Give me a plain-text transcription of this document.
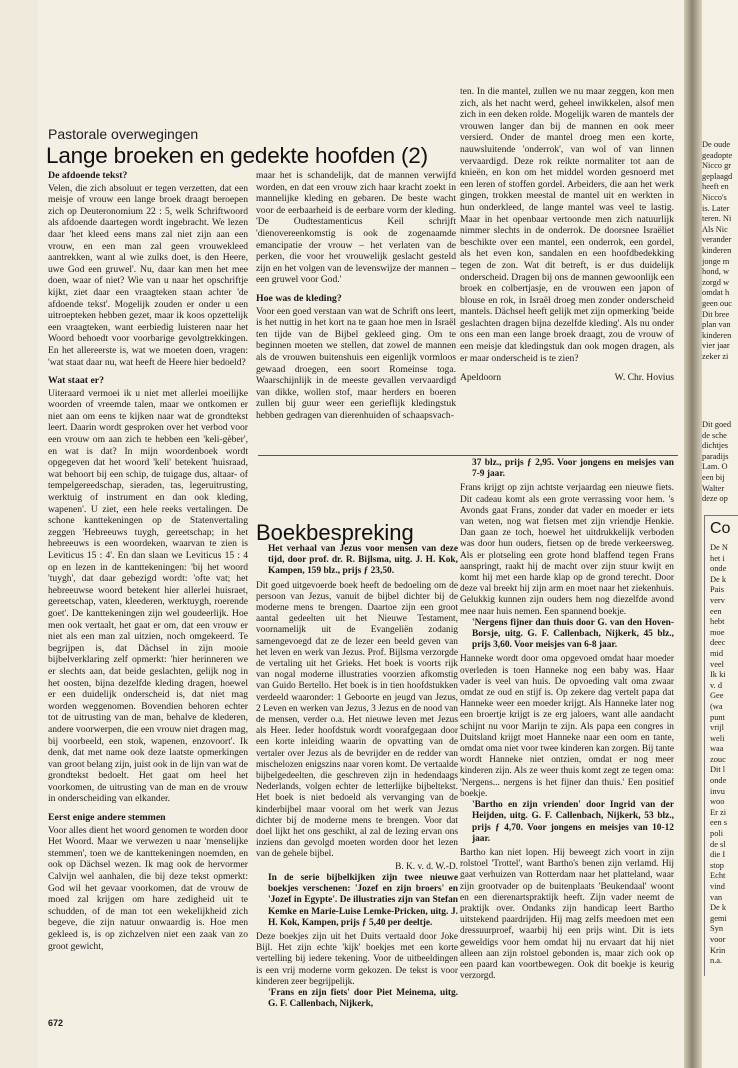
Pastorale overwegingen
Lange broeken en gedekte hoofden (2)
De afdoende tekst?

Velen, die zich absoluut er tegen verzetten, dat een meisje of vrouw een lange broek draagt beroepen zich op Deuteronomium 22 : 5, welk Schriftwoord als afdoende daartegen wordt ingebracht. We lezen daar 'het kleed eens mans zal niet zijn aan een vrouw, en een man zal geen vrouwekleed aantrekken, want al wie zulks doet, is den Heere, uwe God een gruwel'. Nu, daar kan men het mee doen, waar of niet? Wie van u naar het opschriftje kijkt, ziet daar een vraagteken staan achter 'de afdoende tekst'. Mogelijk zouden er onder u een uitroepteken hebben gezet, maar ik koos opzettelijk een vraagteken, want eerbiedig luisteren naar het Woord behoedt voor voorbarige gevolgtrekkingen. En het allereerste is, wat we moeten doen, vragen: 'wat staat daar nu, wat heeft de Heere hier bedoeld?

Wat staat er?

Uiteraard vermoei ik u niet met allerlei moeilijke woorden of vreemde talen, maar we ontkomen er niet aan om eens te kijken naar wat de grondtekst leert. Daarin wordt gesproken over het verbod voor een vrouw om aan zich te hebben een 'keli-gèber', en wat is dat? In mijn woordenboek wordt opgegeven dat het woord 'keli' betekent 'huisraad, wat behoort bij een schip, de tuigage dus, altaar- of tempelgereedschap, sieraden, tas, legeruitrusting, werktuig of instrument en dan ook kleding, wapenen'. U ziet, een hele reeks vertalingen. De schone kanttekeningen op de Statenvertaling zeggen 'Hebreeuws tuygh, gereetschap; in het hebreeuws is een woordeken, waarvan te zien is Leviticus 15 : 4'. En dan slaan we Leviticus 15 : 4 op en lezen in de kanttekeningen: 'bij het woord 'tuygh', dat daar gebezigd wordt: 'ofte vat; het hebreeuwse woord betekent hier allerlei huisraet, gereetschap, vaten, kleederen, werktuygh, roerende goet'. De kanttekeningen zijn wel goudeerlijk. Hoe men ook vertaalt, het gaat er om, dat een vrouw er niet als een man zal uitzien, noch omgekeerd. Te begrijpen is, dat Dächsel in zijn mooie bijbelverklaring zelf opmerkt: 'hier herinneren we er slechts aan, dat beide geslachten, gelijk nog in het oosten, bijna dezelfde kleding dragen, hoewel er een duidelijk onderscheid is, dat niet mag worden weggenomen. Bovendien behoren echter tot de uitrusting van de man, behalve de klederen, andere voorwerpen, die een vrouw niet dragen mag, bij voorbeeld, een stok, wapenen, enzovoort'. Ik denk, dat met name ook deze laatste opmerkingen van groot belang zijn, juist ook in de lijn van wat de grondtekst bedoelt. Het gaat om heel het voorkomen, de uitrusting van de man en de vrouw in onderscheiding van elkander.

Eerst enige andere stemmen

Voor alles dient het woord genomen te worden door Het Woord. Maar we verwezen u naar 'menselijke stemmen', toen we de kanttekeningen noemden, en ook op Dächsel wezen. Ik mag ook de hervormer Calvijn wel aanhalen, die bij deze tekst opmerkt: God wil het gevaar voorkomen, dat de vrouw de moed zal krijgen om hare zedigheid uit te schudden, of de man tot een wekelijkheid zich begeve, die zijn natuur onwaardig is. Hoe men gekleed is, is op zichzelven niet een zaak van zo groot gewicht,

maar het is schandelijk, dat de mannen verwijfd worden, en dat een vrouw zich haar kracht zoekt in mannelijke kleding en gebaren. De beste wacht voor de eerbaarheid is de eerbare vorm der kleding. 'De Oudtestamenticus Keil schrijft 'dienovereenkomstig is ook de zogenaamde emancipatie der vrouw – het verlaten van de perken, die voor het vrouwelijk geslacht gesteld zijn en het volgen van de levenswijze der mannen – een gruwel voor God.'

Hoe was de kleding?

Voor een goed verstaan van wat de Schrift ons leert, is het nuttig in het kort na te gaan hoe men in Israël ten tijde van de Bijbel gekleed ging. Om te beginnen moeten we stellen, dat zowel de mannen als de vrouwen buitenshuis een eigenlijk vormloos gewaad droegen, een soort Romeinse toga. Waarschijnlijk in de meeste gevallen vervaardigd van dikke, wollen stof, maar herders en boeren zullen bij guur weer een gerieflijk kledingstuk hebben gedragen van dierenhuiden of schaapsvach-

ten. In die mantel, zullen we nu maar zeggen, kon men zich, als het nacht werd, geheel inwikkelen, alsof men zich in een deken rolde. Mogelijk waren de mantels der vrouwen langer dan bij de mannen en ook meer versierd. Onder de mantel droeg men een korte, nauwsluitende 'onderrok', van wol of van linnen vervaardigd. Deze rok reikte normaliter tot aan de knieën, en kon om het middel worden gesnoerd met een leren of stoffen gordel. Arbeiders, die aan het werk gingen, trokken meestal de mantel uit en werkten in hun onderkleed, de lange mantel was veel te lastig. Maar in het openbaar vertoonde men zich natuurlijk nimmer slechts in de onderrok. De doorsnee Israëliet beschikte over een mantel, een onderrok, een gordel, als het even kon, sandalen en een hoofdbedekking tegen de zon. Wat dit betreft, is er dus duidelijk onderscheid. Dragen bij ons de mannen gewoonlijk een broek en colbertjasje, en de vrouwen een japon of blouse en rok, in Israël droeg men zonder onderscheid mantels. Dächsel heeft gelijk met zijn opmerking 'beide geslachten dragen bijna dezelfde kleding'. Als nu onder ons een man een lange broek draagt, zou de vrouw of een meisje dat kledingstuk dan ook mogen dragen, als er maar onderscheid is te zien?

Apeldoorn	W. Chr. Hovius
Boekbespreking

Het verhaal van Jezus voor mensen van deze tijd, door prof. dr. R. Bijlsma, uitg. J. H. Kok, Kampen, 159 blz., prijs ƒ 23,50.

Dit goed uitgevoerde boek heeft de bedoeling om de persoon van Jezus, vanuit de bijbel dichter bij de moderne mens te brengen. Daartoe zijn een groot aantal gedeelten uit het Nieuwe Testament, voornamelijk uit de Evangeliën zodanig samengevoegd dat ze de lezer een beeld geven van het leven en werk van Jezus. Prof. Bijlsma verzorgde de vertaling uit het Grieks. Het boek is voorts rijk van nogal moderne illustraties voorzien afkomstig van Guido Bertello. Het boek is in tien hoofdstukken verdeeld waaronder: 1 Geboorte en jeugd van Jezus, 2 Leven en werken van Jezus, 3 Jezus en de nood van de mensen, verder o.a. Het nieuwe leven met Jezus als Heer. Ieder hoofdstuk wordt voorafgegaan door een korte inleiding waarin de opvatting van de vertaler over Jezus als de bevrijder en de redder van mischelozen enigszins naar voren komt. De vertaalde bijbelgedeelten, die geschreven zijn in hedendaags Nederlands, volgen echter de letterlijke bijbeltekst. Het boek is niet bedoeld als vervanging van de kinderbijbel maar vooral om het werk van Jezus dichter bij de moderne mens te brengen. Voor dat doel lijkt het ons geschikt, al zal de lezing ervan ons inziens dan gevolgd moeten worden door het lezen van de gehele bijbel.

B. K. v. d. W.-D.

In de serie bijbelkijken zijn twee nieuwe boekjes verschenen: 'Jozef en zijn broers' en 'Jozef in Egypte'. De illustraties zijn van Stefan Kemke en Marie-Luise Lemke-Pricken, uitg. J. H. Kok, Kampen, prijs ƒ 5,40 per deeltje.

Deze boekjes zijn uit het Duits vertaald door Joke Bijl. Het zijn echte 'kijk' boekjes met een korte vertelling bij iedere tekening. Voor de uitbeeldingen is een vrij moderne vorm gekozen. De tekst is voor kinderen zeer begrijpelijk.

'Frans en zijn fiets' door Piet Meinema, uitg. G. F. Callenbach, Nijkerk,

37 blz., prijs ƒ 2,95. Voor jongens en meisjes van 7-9 jaar.

Frans krijgt op zijn achtste verjaardag een nieuwe fiets. Dit cadeau komt als een grote verrassing voor hem. 's Avonds gaat Frans, zonder dat vader en moeder er iets van weten, nog wat fietsen met zijn vriendje Henkie. Dan gaan ze toch, hoewel het uitdrukkelijk verboden was door hun ouders, fietsen op de brede verkeersweg. Als er plotseling een grote hond blaffend tegen Frans aanspringt, raakt hij de macht over zijn stuur kwijt en komt hij met een harde klap op de grond terecht. Door deze val breekt hij zijn arm en moet naar het ziekenhuis. Gelukkig kunnen zijn ouders hem nog diezelfde avond mee naar huis nemen. Een spannend boekje.

'Nergens fijner dan thuis door G. van den Hoven-Borsje, uitg. G. F. Callenbach, Nijkerk, 45 blz., prijs 3,60. Voor meisjes van 6-8 jaar.

Hanneke wordt door oma opgevoed omdat haar moeder overleden is toen Hanneke nog een baby was. Haar vader is veel van huis. De opvoeding valt oma zwaar omdat ze oud en stijf is. Op zekere dag vertelt papa dat Hanneke weer een moeder krijgt. Als Hanneke later nog een broertje krijgt is ze erg jaloers, want alle aandacht schijnt nu voor Marijn te zijn. Als papa een congres in Duitsland krijgt moet Hanneke naar een oom en tante, omdat oma niet voor twee kinderen kan zorgen. Bij tante wordt Hanneke niet ontzien, omdat er nog meer kinderen zijn. Als ze weer thuis komt zegt ze tegen oma: 'Nergens... nergens is het fijner dan thuis.' Een positief boekje.

'Bartho en zijn vrienden' door Ingrid van der Heijden, uitg. G. F. Callenbach, Nijkerk, 53 blz., prijs ƒ 4,70. Voor jongens en meisjes van 10-12 jaar.

Bartho kan niet lopen. Hij beweegt zich voort in zijn rolstoel 'Trottel', want Bartho's benen zijn verlamd. Hij gaat verhuizen van Rotterdam naar het platteland, waar zijn grootvader op de buitenplaats 'Beukendaal' woont en een dierenartspraktijk heeft. Zijn vader neemt de praktijk over. Ondanks zijn handicap leert Bartho uitstekend paardrijden. Hij mag zelfs meedoen met een dressuurproef, waarbij hij een prijs wint. Dit is iets geweldigs voor hem omdat hij nu ervaart dat hij niet alleen aan zijn rolstoel gebonden is, maar zich ook op een paard kan voortbewegen. Ook dit boekje is keurig verzorgd.

672
De oude
geadopte
Nicco gr
geplaagd
heeft en
Nicco's
is. Later
teren. Ni
Als Nic
verander
kinderen
jonge m
hond, w
zorgd w
omdat h
geen ouc
Dit bree
plan van
kinderen
vier jaar
zeker zi
Dit goed
de sche
dichtjes
paradijs
Lam. O
een bij
Walter
deze op
Co
De N
het i
onde
De k
Pais
verv
een
hebt
moe
deec
mid
veel
Ik ki
v. d
Gee
(wa
punt
vrijl
weli
waa
zouc
Dit l
onde
invu
woo
Er zi
een s
poli
de sl
die I
stop
Echt
vind
van
De k
gemi
Syn
voor
Krin
n.a.
